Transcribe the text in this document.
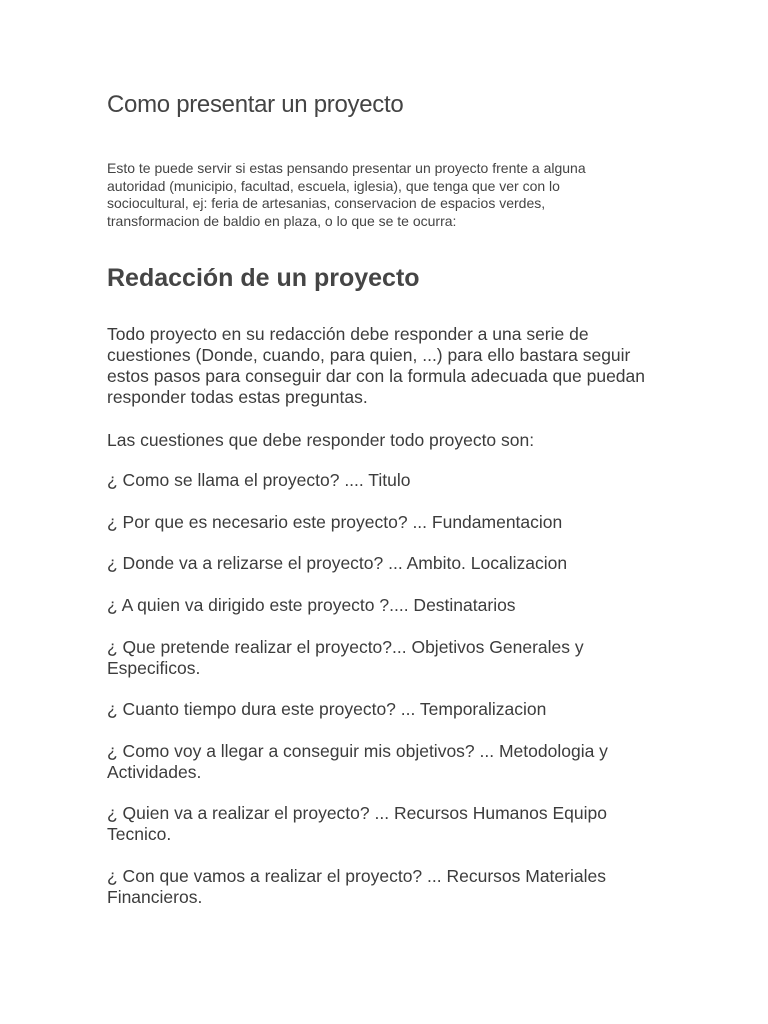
Como presentar un proyecto

Esto te puede servir si estas pensando presentar un proyecto frente a alguna autoridad (municipio, facultad, escuela, iglesia), que tenga que ver con lo sociocultural, ej: feria de artesanias, conservacion de espacios verdes, transformacion de baldio en plaza, o lo que se te ocurra:

Redacción de un proyecto

Todo proyecto en su redacción debe responder a una serie de cuestiones (Donde, cuando, para quien, ...) para ello bastara seguir estos pasos para conseguir dar con la formula adecuada que puedan responder todas estas preguntas.

Las cuestiones que debe responder todo proyecto son:

¿ Como se llama el proyecto? .... Titulo

¿ Por que es necesario este proyecto? ... Fundamentacion

¿ Donde va a relizarse el proyecto? ... Ambito. Localizacion

¿ A quien va dirigido este proyecto ?.... Destinatarios

¿ Que pretende realizar el proyecto?... Objetivos Generales y Especificos.

¿ Cuanto tiempo dura este proyecto? ... Temporalizacion

¿ Como voy a llegar a conseguir mis objetivos? ... Metodologia y Actividades.

¿ Quien va a realizar el proyecto? ... Recursos Humanos Equipo Tecnico.

¿ Con que vamos a realizar el proyecto? ... Recursos Materiales Financieros.
